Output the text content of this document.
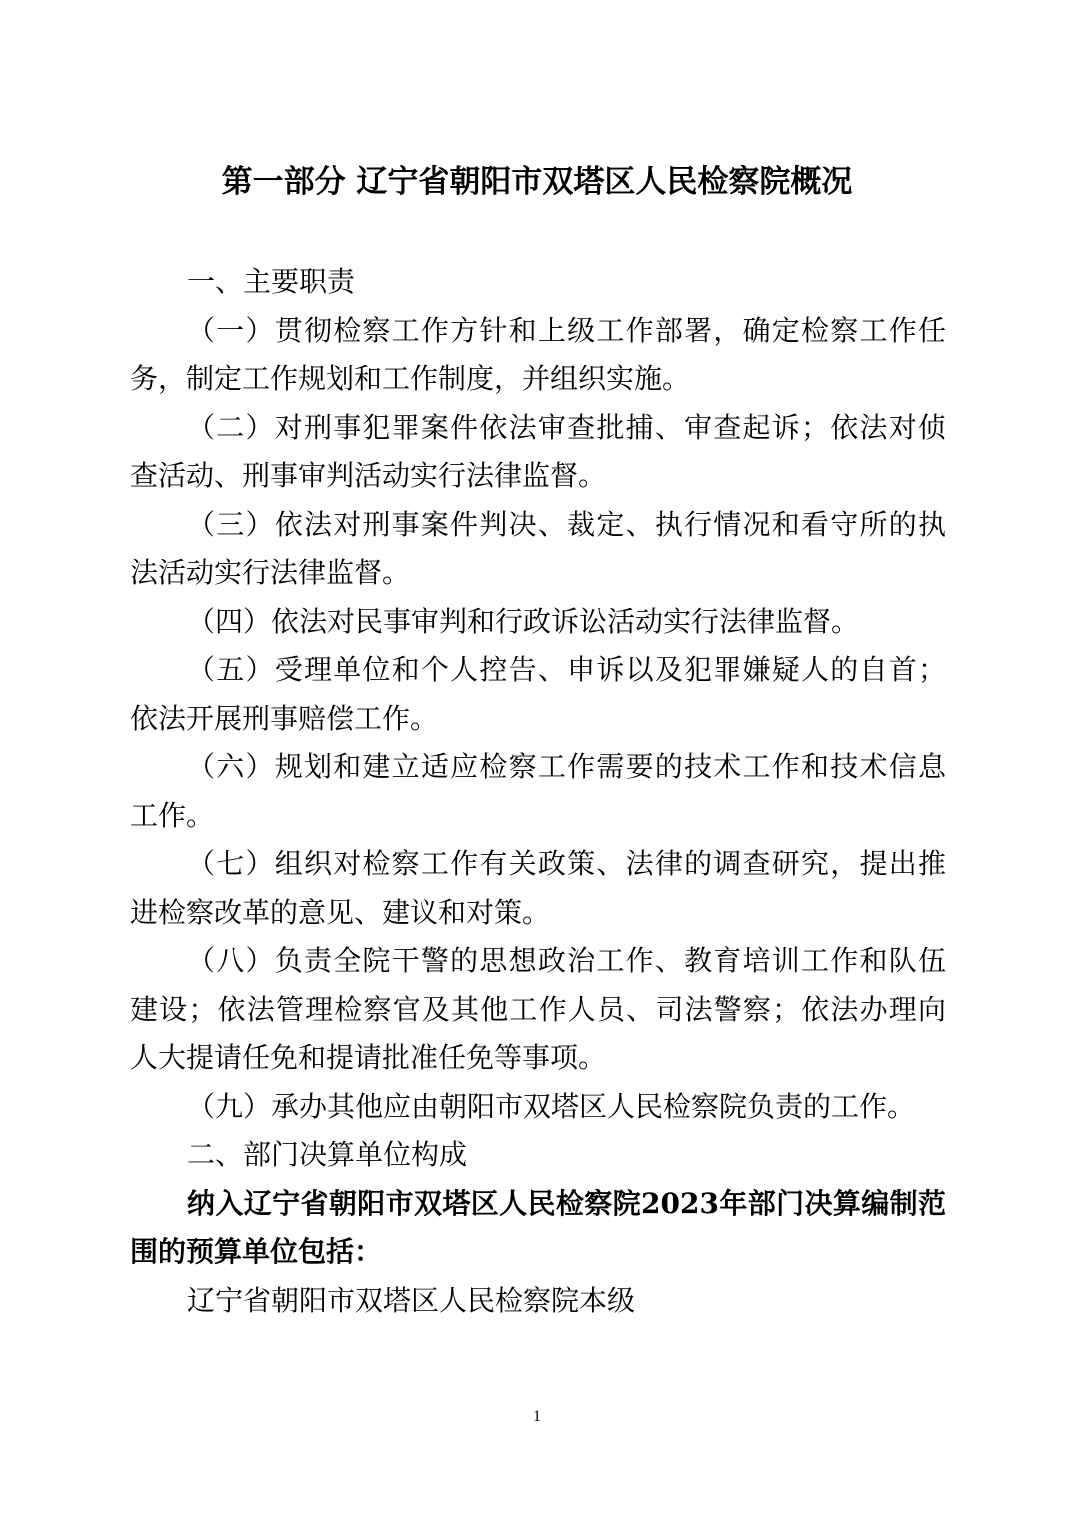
第一部分 辽宁省朝阳市双塔区人民检察院概况
一、主要职责
（一）贯彻检察工作方针和上级工作部署，确定检察工作任
务，制定工作规划和工作制度，并组织实施。
（二）对刑事犯罪案件依法审查批捕、审查起诉；依法对侦
查活动、刑事审判活动实行法律监督。
（三）依法对刑事案件判决、裁定、执行情况和看守所的执
法活动实行法律监督。
（四）依法对民事审判和行政诉讼活动实行法律监督。
（五）受理单位和个人控告、申诉以及犯罪嫌疑人的自首；
依法开展刑事赔偿工作。
（六）规划和建立适应检察工作需要的技术工作和技术信息
工作。
（七）组织对检察工作有关政策、法律的调查研究，提出推
进检察改革的意见、建议和对策。
（八）负责全院干警的思想政治工作、教育培训工作和队伍
建设；依法管理检察官及其他工作人员、司法警察；依法办理向
人大提请任免和提请批准任免等事项。
（九）承办其他应由朝阳市双塔区人民检察院负责的工作。
二、部门决算单位构成
纳入辽宁省朝阳市双塔区人民检察院2023年部门决算编制范
围的预算单位包括：
辽宁省朝阳市双塔区人民检察院本级
1
